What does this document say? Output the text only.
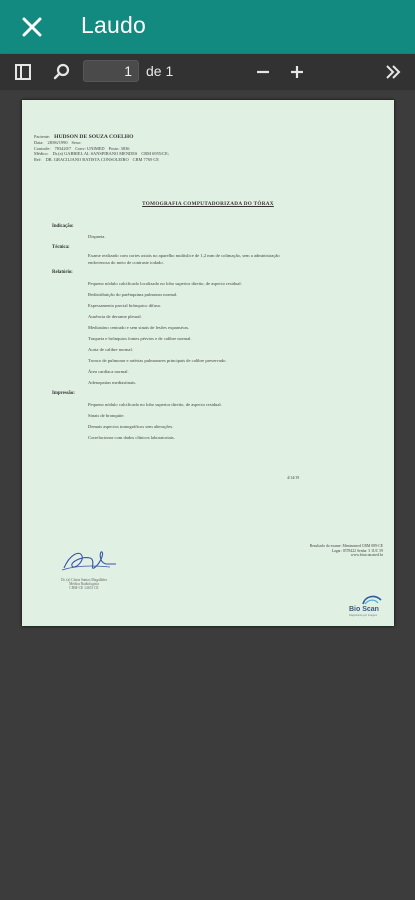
Laudo
1
de 1
Paciente: HUDSON DE SOUZA COELHO
Data: 28/06/1990 Sexo:
Controle: 783420/7 Conv: UNIMED Posto: 3836
Médico: Dr.(a) GABRIEL AL SANSPIRANO MENDES CRM 6955/CE;
Ref: DR. GRACILIANO BATISTA CONSOLEIRO CRM 7769 CE
TOMOGRAFIA COMPUTADORIZADA DO TÓRAX
Indicação:
Dispneia.
Técnica:
Exame realizado com cortes axiais no aparelho multislice de 1,2 mm de colimação, sem a administração
endovenosa do meio de contraste iodado.
Relatório:
Pequeno nódulo calcificado localizado no lobo superior direito, de aspecto residual.
Redistribuição do parênquima pulmonar normal.
Espessamento parcial brônquico difuso.
Ausência de derrame pleural.
Mediastino centrado e sem sinais de lesões expansivas.
Traqueia e brônquios fontes pérvios e de calibre normal.
Aorta de calibre normal.
Tronco de pulmonar e artérias pulmonares principais de calibre preservado.
Área cardíaca normal.
Adenopatias mediastinais.
Impressão:
Pequeno nódulo calcificado no lobo superior direito, de aspecto residual.
Sinais de bronquite.
Demais aspectos tomográficos sem alterações.
Correlacionar com dados clínicos laboratoriais.
4/14/19
Dr. (a) Cíntia Santos Magalhães
Médica Radiologista
CRM-CE 14103 CE
Resultado do exame: Meninomed CRM 089-CE
Lagar: 0578422 Senha: 3 1UC 59
www.bioscan.med.br
Bio Scan
Diagnóstico por Imagem
